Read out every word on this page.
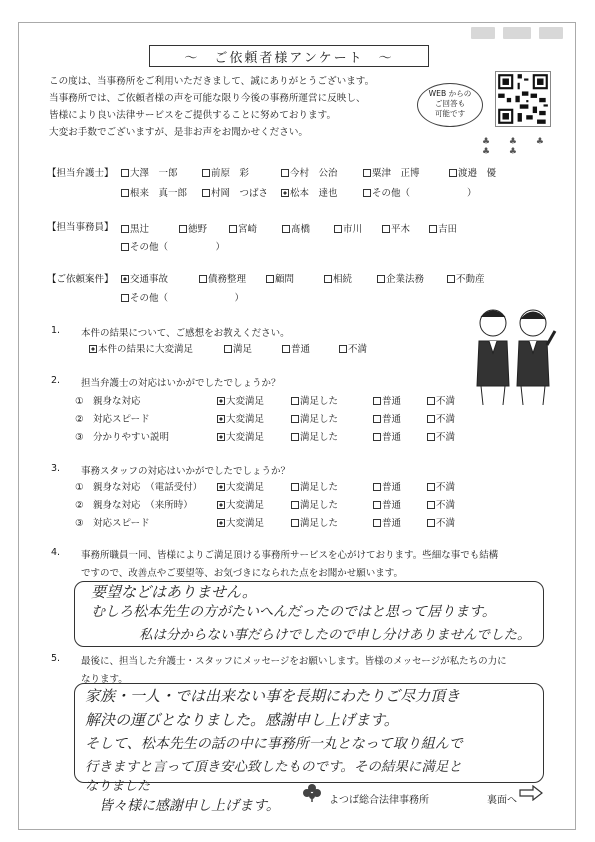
～　ご依頼者様アンケート　～
この度は、当事務所をご利用いただきまして、誠にありがとうございます。
当事務所では、ご依頼者様の声を可能な限り今後の事務所運営に反映し、
皆様により良い法律サービスをご提供することに努めております。
大変お手数でございますが、是非お声をお聞かせください。
WEB からの
ご回答も
可能です
♣ ♣ ♣ ♣ ♣
【担当弁護士】	大澤　一郎	前原　彩	今村　公治	粟津　正博	渡邉　優
根来　真一郎	村岡　つばさ	松本　達也	その他（　　　　　　）
【担当事務員】	黒辻	徳野	宮崎	髙橋	市川	平木	吉田
その他（　　　　　）
【ご依頼案件】	交通事故	債務整理	顧問	相続	企業法務	不動産
その他（　　　　　　　）
1. 本件の結果について、ご感想をお教えください。
本件の結果に大変満足	満足	普通	不満
2. 担当弁護士の対応はいかがでしたでしょうか？
①　親身な対応	大変満足	満足した	普通	不満
②　対応スピード	大変満足	満足した	普通	不満
③　分かりやすい説明	大変満足	満足した	普通	不満
3. 事務スタッフの対応はいかがでしたでしょうか？
①　親身な対応　（電話受付）	大変満足	満足した	普通	不満
②　親身な対応　（来所時）	大変満足	満足した	普通	不満
③　対応スピード	大変満足	満足した	普通	不満
4. 事務所職員一同、皆様によりご満足頂ける事務所サービスを心がけております。些細な事でも結構
ですので、改善点やご要望等、お気づきになられた点をお聞かせ願います。
要望などはありません。
むしろ松本先生の方がたいへんだったのではと思って居ります。
私は分からない事だらけでしたので申し分けありませんでした。
5. 最後に、担当した弁護士・スタッフにメッセージをお願いします。皆様のメッセージが私たちの力に
なります。
家族・一人・では出来ない事を長期にわたりご尽力頂き
解決の運びとなりました。感謝申し上げます。
そして、松本先生の話の中に事務所一丸となって取り組んで
行きますと言って頂き安心致したものです。その結果に満足と
なりました
皆々様に感謝申し上げます。	よつば総合法律事務所	裏面へ
